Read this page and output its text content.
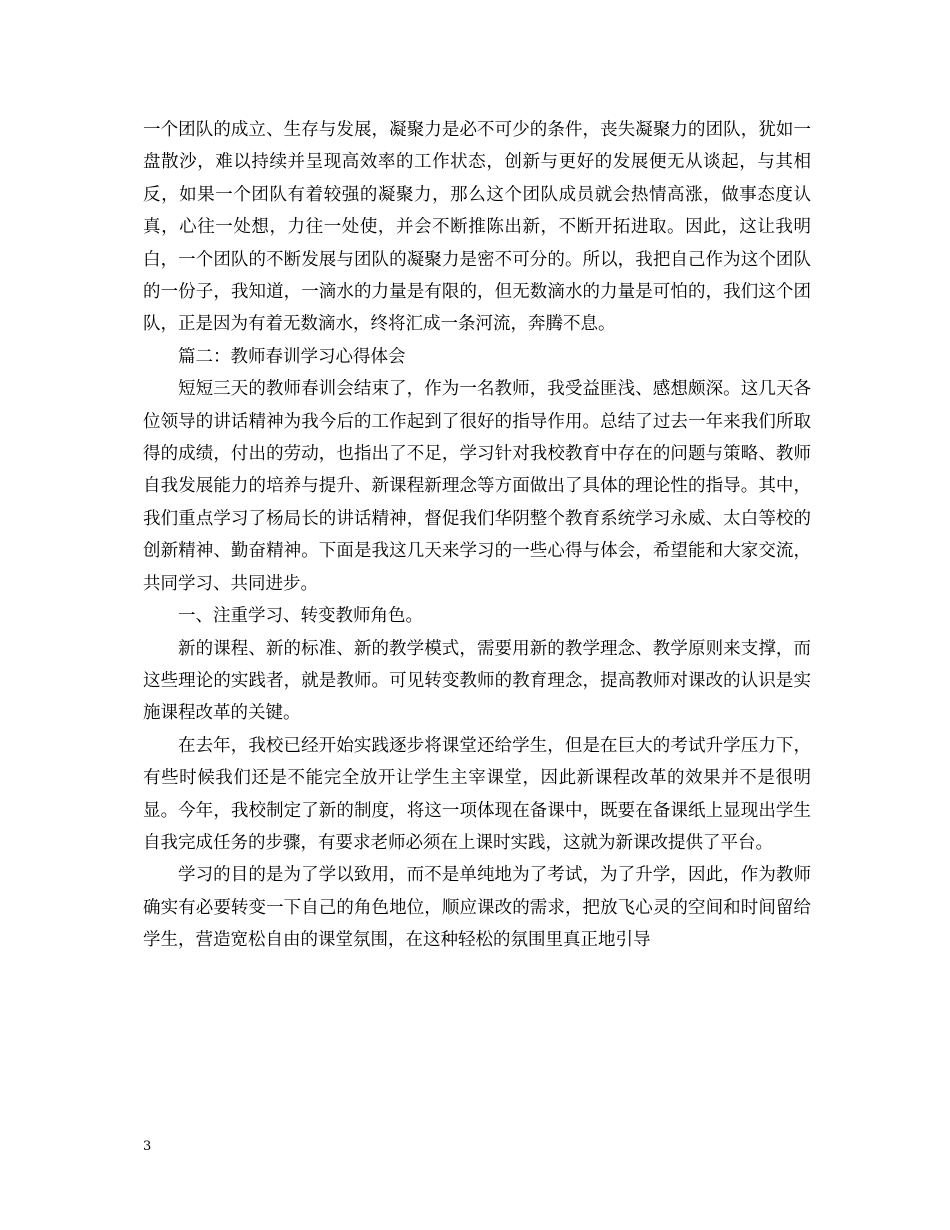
一个团队的成立、生存与发展，凝聚力是必不可少的条件，丧失凝聚力的团队，犹如一盘散沙，难以持续并呈现高效率的工作状态，创新与更好的发展便无从谈起，与其相反，如果一个团队有着较强的凝聚力，那么这个团队成员就会热情高涨，做事态度认真，心往一处想，力往一处使，并会不断推陈出新，不断开拓进取。因此，这让我明白，一个团队的不断发展与团队的凝聚力是密不可分的。所以，我把自己作为这个团队的一份子，我知道，一滴水的力量是有限的，但无数滴水的力量是可怕的，我们这个团队，正是因为有着无数滴水，终将汇成一条河流，奔腾不息。

篇二：教师春训学习心得体会

短短三天的教师春训会结束了，作为一名教师，我受益匪浅、感想颇深。这几天各位领导的讲话精神为我今后的工作起到了很好的指导作用。总结了过去一年来我们所取得的成绩，付出的劳动，也指出了不足，学习针对我校教育中存在的问题与策略、教师自我发展能力的培养与提升、新课程新理念等方面做出了具体的理论性的指导。其中，我们重点学习了杨局长的讲话精神，督促我们华阴整个教育系统学习永威、太白等校的创新精神、勤奋精神。下面是我这几天来学习的一些心得与体会，希望能和大家交流，共同学习、共同进步。

一、注重学习、转变教师角色。

新的课程、新的标准、新的教学模式，需要用新的教学理念、教学原则来支撑，而这些理论的实践者，就是教师。可见转变教师的教育理念，提高教师对课改的认识是实施课程改革的关键。

在去年，我校已经开始实践逐步将课堂还给学生，但是在巨大的考试升学压力下，有些时候我们还是不能完全放开让学生主宰课堂，因此新课程改革的效果并不是很明显。今年，我校制定了新的制度，将这一项体现在备课中，既要在备课纸上显现出学生自我完成任务的步骤，有要求老师必须在上课时实践，这就为新课改提供了平台。

学习的目的是为了学以致用，而不是单纯地为了考试，为了升学，因此，作为教师确实有必要转变一下自己的角色地位，顺应课改的需求，把放飞心灵的空间和时间留给学生，营造宽松自由的课堂氛围，在这种轻松的氛围里真正地引导

3
